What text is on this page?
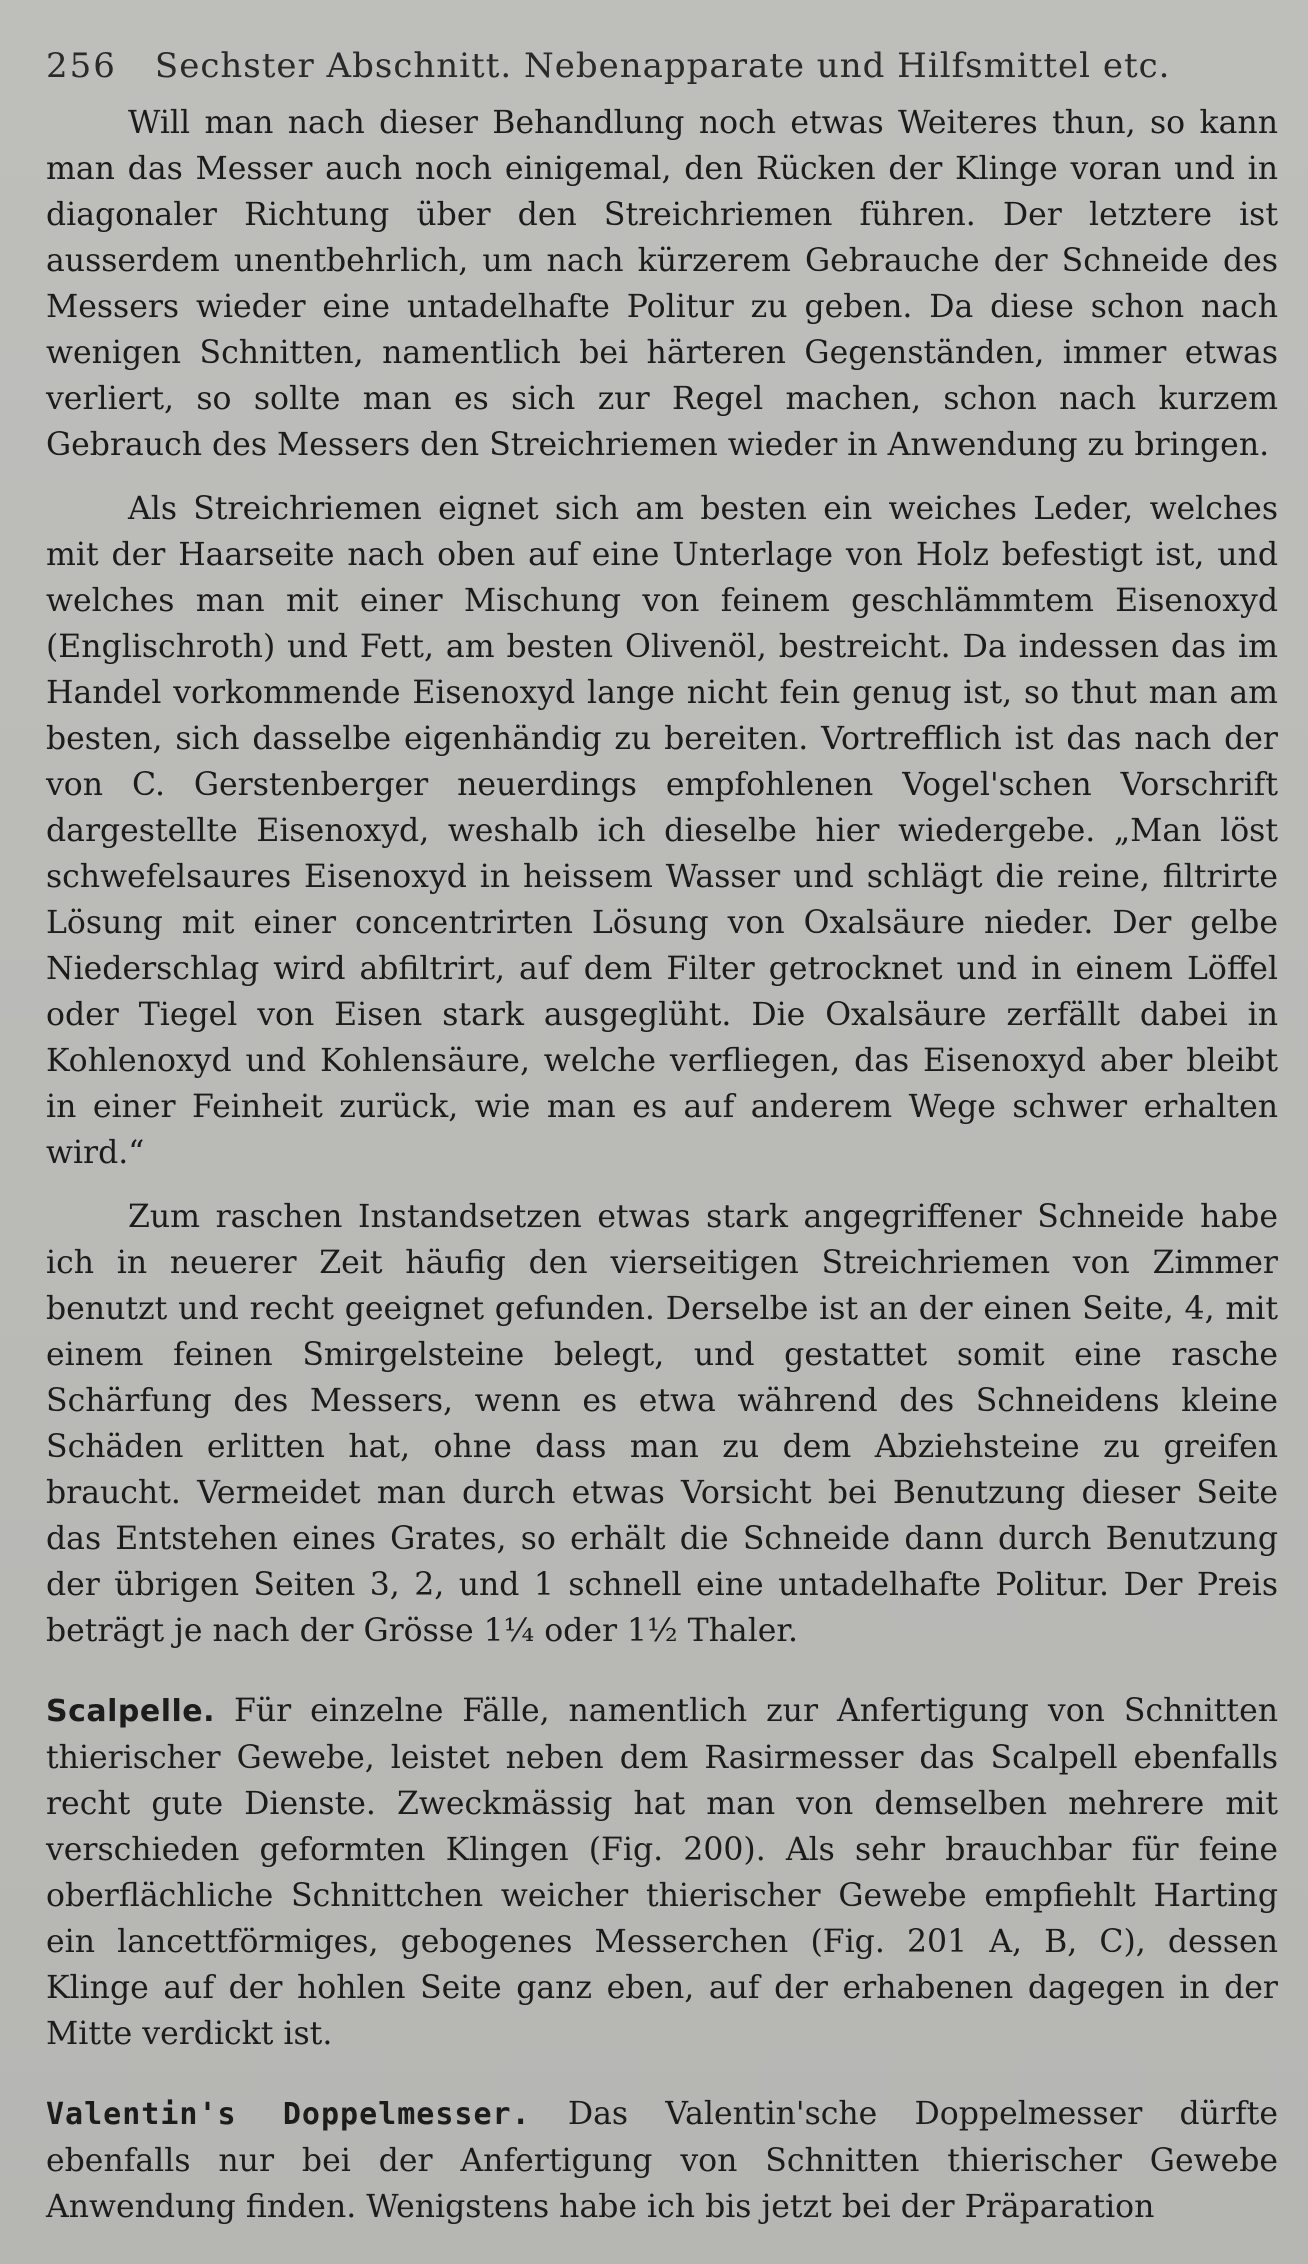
256 Sechster Abschnitt. Nebenapparate und Hilfsmittel etc.

Will man nach dieser Behandlung noch etwas Weiteres thun, so kann man das Messer auch noch einigemal, den Rücken der Klinge voran und in diagonaler Richtung über den Streichriemen führen. Der letztere ist ausserdem unentbehrlich, um nach kürzerem Gebrauche der Schneide des Messers wieder eine untadelhafte Politur zu geben. Da diese schon nach wenigen Schnitten, namentlich bei härteren Gegenständen, immer etwas verliert, so sollte man es sich zur Regel machen, schon nach kurzem Gebrauch des Messers den Streichriemen wieder in Anwendung zu bringen.

Als Streichriemen eignet sich am besten ein weiches Leder, welches mit der Haarseite nach oben auf eine Unterlage von Holz befestigt ist, und welches man mit einer Mischung von feinem geschlämmtem Eisenoxyd (Englischroth) und Fett, am besten Olivenöl, bestreicht. Da indessen das im Handel vorkommende Eisenoxyd lange nicht fein genug ist, so thut man am besten, sich dasselbe eigenhändig zu bereiten. Vortrefflich ist das nach der von C. Gerstenberger neuerdings empfohlenen Vogel'schen Vorschrift dargestellte Eisenoxyd, weshalb ich dieselbe hier wiedergebe. „Man löst schwefelsaures Eisenoxyd in heissem Wasser und schlägt die reine, filtrirte Lösung mit einer concentrirten Lösung von Oxalsäure nieder. Der gelbe Niederschlag wird abfiltrirt, auf dem Filter getrocknet und in einem Löffel oder Tiegel von Eisen stark ausgeglüht. Die Oxalsäure zerfällt dabei in Kohlenoxyd und Kohlensäure, welche verfliegen, das Eisenoxyd aber bleibt in einer Feinheit zurück, wie man es auf anderem Wege schwer erhalten wird.“

Zum raschen Instandsetzen etwas stark angegriffener Schneide habe ich in neuerer Zeit häufig den vierseitigen Streichriemen von Zimmer benutzt und recht geeignet gefunden. Derselbe ist an der einen Seite, 4, mit einem feinen Smirgelsteine belegt, und gestattet somit eine rasche Schärfung des Messers, wenn es etwa während des Schneidens kleine Schäden erlitten hat, ohne dass man zu dem Abziehsteine zu greifen braucht. Vermeidet man durch etwas Vorsicht bei Benutzung dieser Seite das Entstehen eines Grates, so erhält die Schneide dann durch Benutzung der übrigen Seiten 3, 2, und 1 schnell eine untadelhafte Politur. Der Preis beträgt je nach der Grösse 1¼ oder 1½ Thaler.

Scalpelle. Für einzelne Fälle, namentlich zur Anfertigung von Schnitten thierischer Gewebe, leistet neben dem Rasirmesser das Scalpell ebenfalls recht gute Dienste. Zweckmässig hat man von demselben mehrere mit verschieden geformten Klingen (Fig. 200). Als sehr brauchbar für feine oberflächliche Schnittchen weicher thierischer Gewebe empfiehlt Harting ein lancettförmiges, gebogenes Messerchen (Fig. 201 A, B, C), dessen Klinge auf der hohlen Seite ganz eben, auf der erhabenen dagegen in der Mitte verdickt ist.

Valentin's Doppelmesser. Das Valentin'sche Doppelmesser dürfte ebenfalls nur bei der Anfertigung von Schnitten thierischer Gewebe Anwendung finden. Wenigstens habe ich bis jetzt bei der Präparation
